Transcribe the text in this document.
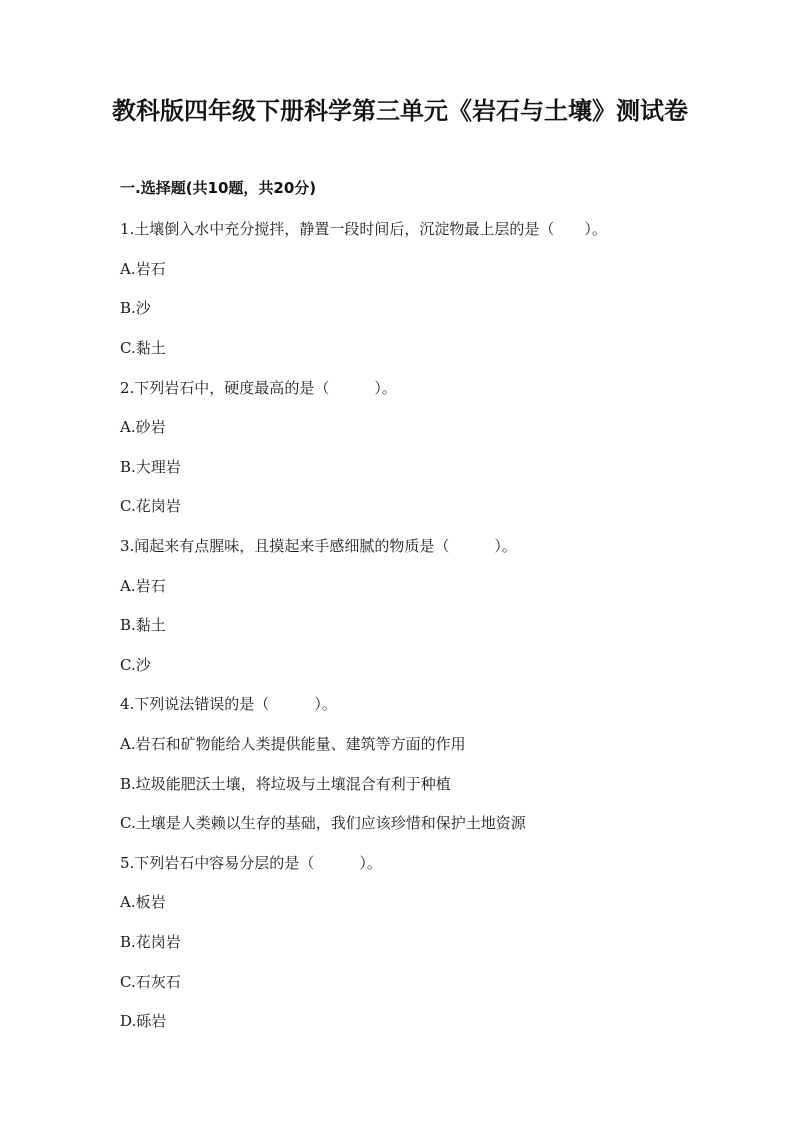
教科版四年级下册科学第三单元《岩石与土壤》测试卷
一.选择题(共10题，共20分)
1.土壤倒入水中充分搅拌，静置一段时间后，沉淀物最上层的是（　　）。
A.岩石
B.沙
C.黏土
2.下列岩石中，硬度最高的是（　　　）。
A.砂岩
B.大理岩
C.花岗岩
3.闻起来有点腥味，且摸起来手感细腻的物质是（　　　）。
A.岩石
B.黏土
C.沙
4.下列说法错误的是（　　　）。
A.岩石和矿物能给人类提供能量、建筑等方面的作用
B.垃圾能肥沃土壤，将垃圾与土壤混合有利于种植
C.土壤是人类赖以生存的基础，我们应该珍惜和保护土地资源
5.下列岩石中容易分层的是（　　　）。
A.板岩
B.花岗岩
C.石灰石
D.砾岩
